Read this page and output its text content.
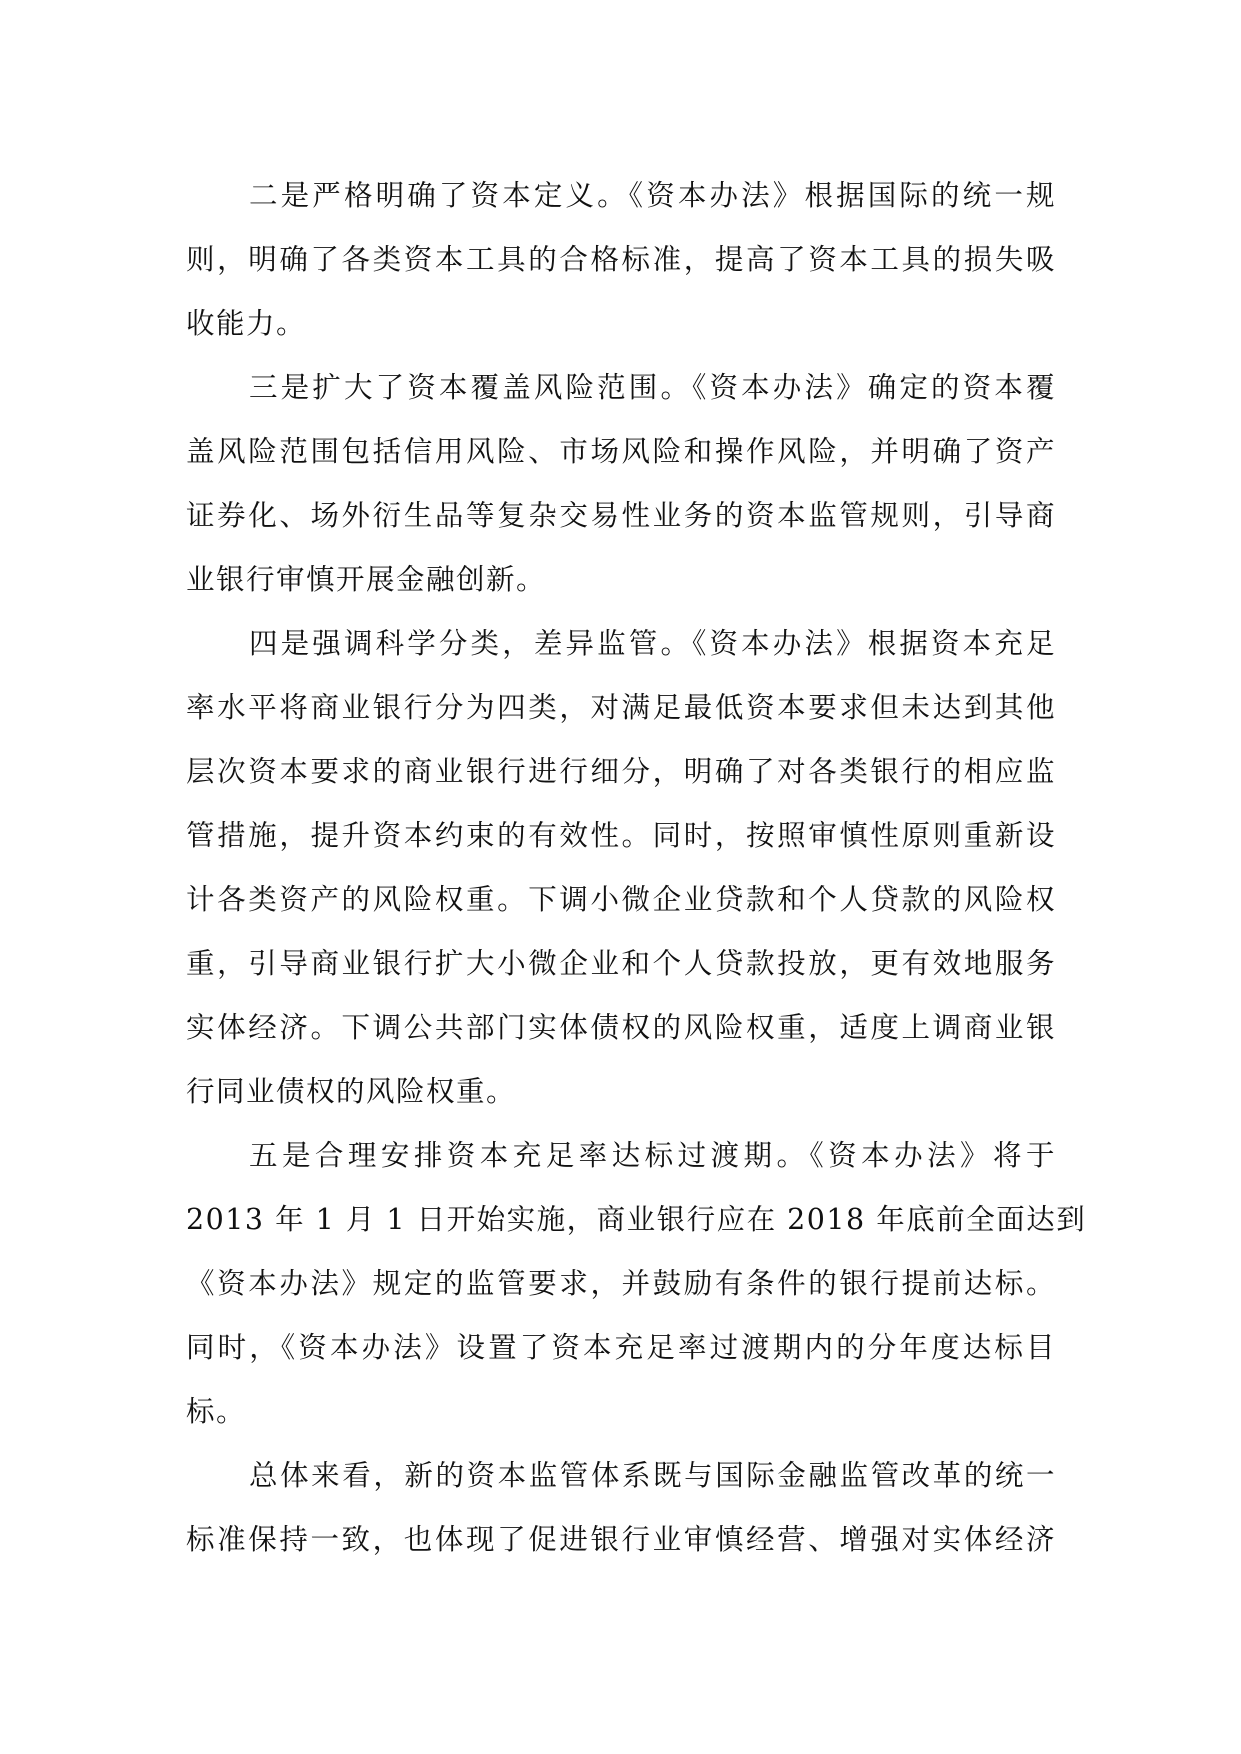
二是严格明确了资本定义。《资本办法》根据国际的统一规
则，明确了各类资本工具的合格标准，提高了资本工具的损失吸
收能力。
三是扩大了资本覆盖风险范围。《资本办法》确定的资本覆
盖风险范围包括信用风险、市场风险和操作风险，并明确了资产
证券化、场外衍生品等复杂交易性业务的资本监管规则，引导商
业银行审慎开展金融创新。
四是强调科学分类，差异监管。《资本办法》根据资本充足
率水平将商业银行分为四类，对满足最低资本要求但未达到其他
层次资本要求的商业银行进行细分，明确了对各类银行的相应监
管措施，提升资本约束的有效性。同时，按照审慎性原则重新设
计各类资产的风险权重。下调小微企业贷款和个人贷款的风险权
重，引导商业银行扩大小微企业和个人贷款投放，更有效地服务
实体经济。下调公共部门实体债权的风险权重，适度上调商业银
行同业债权的风险权重。
五是合理安排资本充足率达标过渡期。《资本办法》将于
2013 年 1 月 1 日开始实施，商业银行应在 2018 年底前全面达到
《资本办法》规定的监管要求，并鼓励有条件的银行提前达标。
同时，《资本办法》设置了资本充足率过渡期内的分年度达标目
标。
总体来看，新的资本监管体系既与国际金融监管改革的统一
标准保持一致，也体现了促进银行业审慎经营、增强对实体经济
